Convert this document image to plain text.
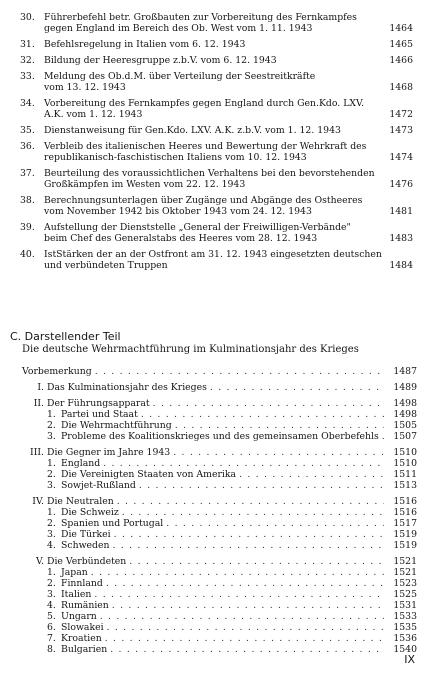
30. Führerbefehl betr. Großbauten zur Vorbereitung des Fernkampfes
gegen England im Bereich des Ob. West vom 1. 11. 1943	1464
31. Befehlsregelung in Italien vom 6. 12. 1943	1465
32. Bildung der Heeresgruppe z.b.V. vom 6. 12. 1943	1466
33. Meldung des Ob.d.M. über Verteilung der Seestreitkräfte
vom 13. 12. 1943	1468
34. Vorbereitung des Fernkampfes gegen England durch Gen.Kdo. LXV.
A.K. vom 1. 12. 1943	1472
35. Dienstanweisung für Gen.Kdo. LXV. A.K. z.b.V. vom 1. 12. 1943	1473
36. Verbleib des italienischen Heeres und Bewertung der Wehrkraft des
republikanisch-faschistischen Italiens vom 10. 12. 1943	1474
37. Beurteilung des voraussichtlichen Verhaltens bei den bevorstehenden
Großkämpfen im Westen vom 22. 12. 1943	1476
38. Berechnungsunterlagen über Zugänge und Abgänge des Ostheeres
vom November 1942 bis Oktober 1943 vom 24. 12. 1943	1481
39. Aufstellung der Dienststelle „General der Freiwilligen-Verbände"
beim Chef des Generalstabs des Heeres vom 28. 12. 1943	1483
40. IstStärken der an der Ostfront am 31. 12. 1943 eingesetzten deutschen
und verbündeten Truppen	1484
C. Darstellender Teil
Die deutsche Wehrmachtführung im Kulminationsjahr des Krieges
Vorbemerkung . . .	1487
I. Das Kulminationsjahr des Krieges . . .	1489
II. Der Führungsapparat . . .	1498
1. Partei und Staat . . .	1498
2. Die Wehrmachtführung . . .	1505
3. Probleme des Koalitionskrieges und des gemeinsamen Oberbefehls . . .	1507
III. Die Gegner im Jahre 1943 . . .	1510
1. England . . .	1510
2. Die Vereinigten Staaten von Amerika . . .	1511
3. Sowjet-Rußland . . .	1513
IV. Die Neutralen . . .	1516
1. Die Schweiz . . .	1516
2. Spanien und Portugal . . .	1517
3. Die Türkei . . .	1519
4. Schweden . . .	1519
V. Die Verbündeten . . .	1521
1. Japan . . .	1521
2. Finnland . . .	1523
3. Italien . . .	1525
4. Rumänien . . .	1531
5. Ungarn . . .	1533
6. Slowakei . . .	1535
7. Kroatien . . .	1536
8. Bulgarien . . .	1540
IX
